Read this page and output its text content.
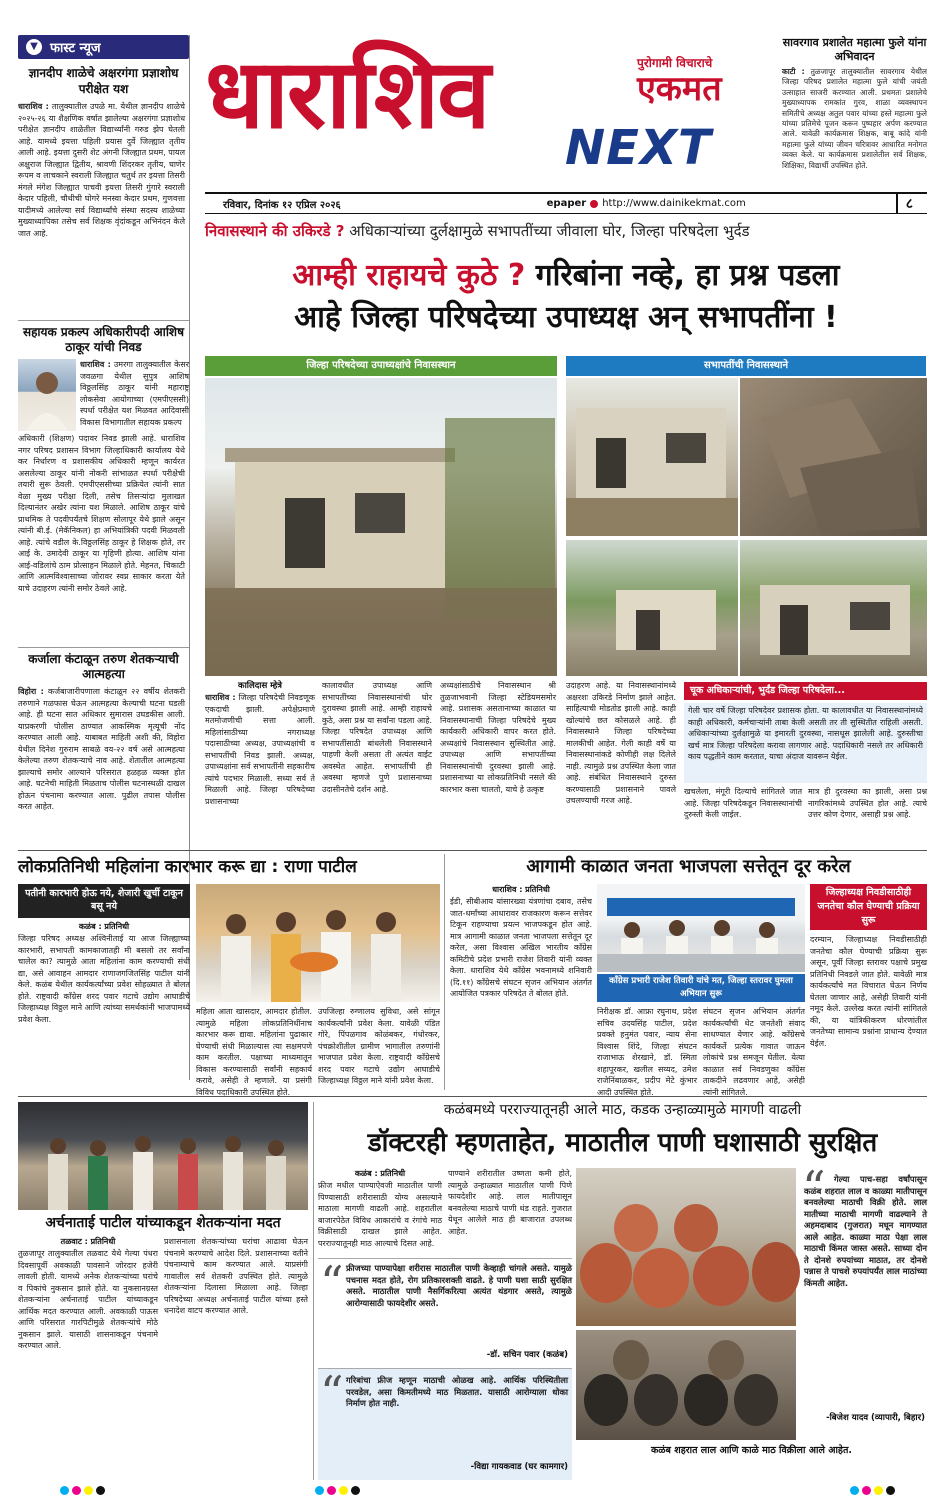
▼ फास्ट न्यूज
ज्ञानदीप शाळेचे अक्षरगंगा प्रज्ञाशोध परीक्षेत यश
धाराशिव : तालुक्यातील उपळे मा. येथील ज्ञानदीप शाळेचे २०२५-२६ या शैक्षणिक वर्षात झालेल्या अक्षरगंगा प्रज्ञाशोध परीक्षेत ज्ञानदीप शाळेतील विद्यार्थ्यांनी गरुड झेप घेतली आहे. यामध्ये इयत्ता पहिली प्रयास दुर्वे जिल्ह्यात तृतीय आली आहे. इयत्ता दुसरी शेट अंगनी जिल्ह्यात प्रथम, पायल अक्षुराज जिल्ह्यात द्वितीय, श्रावणी शिंदरकर तृतीय, घाणेर रूपम व लाचकाने स्वराली जिल्ह्यात चतुर्थ तर इयत्ता तिसरी मंगले मंगेश जिल्ह्यात पाचवी इयत्ता तिसरी गुंगारे स्वराली केदार पहिली, चौथीची घोगरे मनस्वा केदार प्रथम, गुणवत्ता यादीमध्ये आलेल्या सर्व विद्यार्थ्यांचे संस्था सदस्य शाळेच्या मुख्याध्यापिका तसेच सर्व शिक्षक वृंदांकडून अभिनंदन केले जात आहे.
सहायक प्रकल्प अधिकारीपदी आशिष ठाकूर यांची निवड
धाराशिव : उमरगा तालुक्यातील केसर जवळगा येथील सुपुत्र आशिष विठ्ठलसिंह ठाकूर यांनी महाराष्ट्र लोकसेवा आयोगाच्या (एमपीएससी) स्पर्धा परीक्षेत यश मिळवत आदिवासी विकास विभागातील सहायक प्रकल्प
अधिकारी (शिक्षण) पदावर निवड झाली आहे. धाराशिव नगर परिषद प्रशासन विभाग जिल्हाधिकारी कार्यालय येथे कर निर्धारण व प्रशासकीय अधिकारी म्हणून कार्यरत असलेल्या ठाकूर यांनी नोकरी सांभाळत स्पर्धा परीक्षेची तयारी सुरू ठेवली. एमपीएससीच्या प्रक्रियेत त्यांनी सात वेळा मुख्य परीक्षा दिली, तसेच तिसऱ्यांदा मुलाखत दिल्यानंतर अखेर त्यांना यश मिळाले. आशिष ठाकूर यांचे प्राथमिक ते पदवीपर्यंतचे शिक्षण सोलापूर येथे झाले असून त्यांनी बी.ई. (मेकॅनिकल) हा अभियांत्रिकी पदवी मिळवली आहे. त्यांचे वडील के.विठ्ठलसिंह ठाकूर हे शिक्षक होते, तर आई के. उमादेवी ठाकूर या गृहिणी होत्या. आशिष यांना आई-वडिलांचे ठाम प्रोत्साहन मिळाले होते. मेहनत, चिकाटी आणि आत्मविश्वासाच्या जोरावर स्वप्न साकार करता येते याचे उदाहरण त्यांनी समोर ठेवले आहे.
कर्जाला कंटाळून तरुण शेतकऱ्याची आत्महत्या
विहोरा : कर्जबाजारीपणाला कंटाळून २२ वर्षीय शेतकरी तरुणाने गळफास घेऊन आत्महत्या केल्याची घटना घडली आहे. ही घटना सात अधिकार सुमारास उघडकीस आली. याप्रकरणी पोलीस ठाण्यात आकस्मिक मृत्यूची नोंद करण्यात आली आहे. याबाबत माहिती अशी की, विहोरा येथील दिनेश गुरुराम साबळे वय-२२ वर्ष असे आत्महत्या केलेल्या तरुण शेतकऱ्याचे नाव आहे. शेतातील आत्महत्या झाल्याचे समोर आल्याने परिसरात हळहळ व्यक्त होत आहे. घटनेची माहिती मिळताच पोलीस घटनास्थळी दाखल होऊन पंचनामा करण्यात आला. पुढील तपास पोलीस करत आहेत.
धाराशिव	पुरोगामी विचाराचे
एकमत
NEXT
सावरगाव प्रशालेत महात्मा फुले यांना अभिवादन
काटी : तुळजापूर तालुक्यातील सावरगाव येथील जिल्हा परिषद प्रशालेत महात्मा फुले यांची जयंती उत्साहात साजरी करण्यात आली. प्रथमतः प्रशालेचे मुख्याध्यापक रामकांत गुरव, शाळा व्यवस्थापन समितीचे अध्यक्ष अतुल पवार यांच्या हस्ते महात्मा फुले यांच्या प्रतिमेचे पूजन करून पुष्पहार अर्पण करण्यात आले. यावेळी कार्यक्रमास शिक्षक, बाबू कांदे यांनी महात्मा फुले यांच्या जीवन चरित्रावर आधारित मनोगत व्यक्त केले. या कार्यक्रमास प्रशालेतील सर्व शिक्षक, शिक्षिका, विद्यार्थी उपस्थित होते.
रविवार, दिनांक १२ एप्रिल २०२६	epaper http://www.dainikekmat.com	८
निवासस्थाने की उकिरडे ? अधिकाऱ्यांच्या दुर्लक्षामुळे सभापतींच्या जीवाला घोर, जिल्हा परिषदेला भुर्दड
आम्ही राहायचे कुठे ? गरिबांना नव्हे, हा प्रश्न पडला
आहे जिल्हा परिषदेच्या उपाध्यक्ष अन् सभापतींना !
जिल्हा परिषदेच्या उपाध्यक्षांचे निवासस्थान	सभापतींची निवासस्थाने
कालिदास म्हेत्रे
धाराशिव : जिल्हा परिषदेची निवडणूक एकदाची झाली. अपेक्षेप्रमाणे मतमोजणीची सत्ता आली. महिलांसाठीच्या नगराध्यक्ष पदासाठीच्या अध्यक्ष, उपाध्यक्षांची व सभापतींची निवड झाली. अध्यक्ष, उपाध्यक्षांना सर्व सभापतींनी सहकारीच त्यांचे पदभार मिळाली. सध्या सर्व ते मिळाली आहे. जिल्हा परिषदेच्या प्रशासनाच्या
कालावधीत उपाध्यक्ष आणि सभापतींच्या निवासस्थानांची घोर दुरावस्था झाली आहे. आम्ही राहायचे कुठे, असा प्रश्न या सर्वांना पडला आहे. जिल्हा परिषदेत उपाध्यक्ष आणि सभापतींसाठी बांधलेली निवासस्थाने पाहणी केली असता ती अत्यंत वाईट अवस्थेत आहेत. सभापतींची ही अवस्था म्हणजे पुणे प्रशासनाच्या उदासीनतेचे दर्शन आहे.
अध्यक्षांसाठीचे निवासस्थान श्री तुळजाभवानी जिल्हा स्टेडियमसमोर आहे. प्रशासक असतानाच्या काळात या निवासस्थानाची जिल्हा परिषदेचे मुख्य कार्यकारी अधिकारी वापर करत होते. अध्यक्षांचे निवासस्थान सुस्थितीत आहे. उपाध्यक्ष आणि सभापतींच्या निवासस्थानांची दुरवस्था झाली आहे. प्रशासनाच्या या लोकप्रतिनिधी नसले की कारभार कसा चालतो, याचे हे उत्कृष्ट
उदाहरण आहे. या निवासस्थानांमध्ये अक्षरशः उकिरडे निर्माण झाले आहेत. साहित्याची मोडतोड झाली आहे. काही खोल्यांचे छत कोसळले आहे. ही निवासस्थाने जिल्हा परिषदेच्या मालकीची आहेत. गेली काही वर्षे या निवासस्थानांकडे कोणीही लक्ष दिलेले नाही. त्यामुळे प्रश्न उपस्थित केला जात आहे. संबंधित निवासस्थाने दुरुस्त करण्यासाठी प्रशासनाने पावले उचलण्याची गरज आहे.
चूक अधिकाऱ्यांची, भुर्दंड जिल्हा परिषदेला...
गेली चार वर्षे जिल्हा परिषदेवर प्रशासक होता. या कालावधीत या निवासस्थानांमध्ये काही अधिकारी, कर्मचाऱ्यांनी ताबा केली असती तर ती सुस्थितीत राहिली असती. अधिकाऱ्यांच्या दुर्लक्षामुळे या इमारती दुरवस्था, नासधूस झालेली आहे. दुरुस्तीचा खर्च मात्र जिल्हा परिषदेला करावा लागणार आहे. पदाधिकारी नसले तर अधिकारी काय पद्धतीने काम करतात, याचा अंदाज यावरून येईल.
खचलेला, मंगूरी दिल्याचे सांगितले जात आहे. जिल्हा परिषदेकडून निवासस्थानांची दुरुस्ती केली जाईल.
मात्र ही दुरवस्था का झाली, असा प्रश्न नागरिकांमध्ये उपस्थित होत आहे. त्याचे उत्तर कोण देणार, असाही प्रश्न आहे.
लोकप्रतिनिधी महिलांना कारभार करू द्या : राणा पाटील
पतीनी कारभारी होऊ नये, शेजारी खुर्ची टाकून बसू नये
कळंब : प्रतिनिधी
जिल्हा परिषद अध्यक्ष अश्विनीताई या आज जिल्ह्याच्या कारभारी, सभापती कामकाजातही मी बसलो तर सर्वांना चालेल का? त्यामुळे आता महिलांना काम करण्याची संधी द्या, असे आवाहन आमदार राणाजगजितसिंह पाटील यांनी केले. कळंब येथील कार्यकर्त्यांच्या प्रवेश सोहळ्यात ते बोलत होते. राष्ट्रवादी काँग्रेस शरद पवार गटाचे उद्योग आघाडीचे जिल्हाध्यक्ष विठ्ठल माने आणि त्यांच्या समर्थकांनी भाजपामध्ये प्रवेश केला.
महिला आता खासदार, आमदार होतील. त्यामुळे महिला लोकप्रतिनिधींनाच कारभार करू द्यावा. महिलांना पुढाकार घेण्याची संधी मिळाल्यास त्या सक्षमपणे काम करतील. पक्षाच्या माध्यमातून विकास करण्यासाठी सर्वांनी सहकार्य करावे, असेही ते म्हणाले. या प्रसंगी विविध पदाधिकारी उपस्थित होते.
उपजिल्हा रुग्णालय सुविधा, असे सांगून कार्यकर्त्यांनी प्रवेश केला. यावेळी पंडित गोरे, पिंपळगाव कोळंबकर, गंधोरकर, पंचक्रोशीतील ग्रामीण भागातील तरुणांनी भाजपात प्रवेश केला. राष्ट्रवादी काँग्रेसचे शरद पवार गटाचे उद्योग आघाडीचे जिल्हाध्यक्ष विठ्ठल माने यांनी प्रवेश केला.
आगामी काळात जनता भाजपला सत्तेतून दूर करेल
धाराशिव : प्रतिनिधी
ईडी, सीबीआय यांसारख्या यंत्रणांचा दबाव, तसेच जात-धर्मांच्या आधारावर राजकारण करून सत्तेवर टिकून राहण्याचा प्रयत्न भाजपकडून होत आहे. मात्र आगामी काळात जनता भाजपला सत्तेतून दूर करेल, असा विश्वास अखिल भारतीय काँग्रेस कमिटीचे प्रदेश प्रभारी राजेश तिवारी यांनी व्यक्त केला. धाराशिव येथे काँग्रेस भवनामध्ये शनिवारी (दि.११) काँग्रेसचे संघटन सृजन अभियान अंतर्गत आयोजित पत्रकार परिषदेत ते बोलत होते.
काँग्रेस प्रभारी राजेश तिवारी यांचे मत, जिल्हा स्तरावर घुमला अभियान सुरू
निरीक्षक डॉ. आफ्रा रघुनाथ, प्रदेश सचिव उदयसिंह पाटील, प्रदेश प्रवक्ते हनुमंत पवार, न्याय सेना विश्वास शिंदे, जिल्हा संघटन राजाभाऊ शेरखाने, डॉ. स्मिता शहापूरकर, खलील सय्यद, उमेश राजेनिंबाळकर, प्रदीप मेटे कुंभार आदी उपस्थित होते.
संघटन सृजन अभियान अंतर्गत कार्यकर्त्यांची थेट जनतेशी संवाद साधण्यात येणार आहे. काँग्रेसचे कार्यकर्ते प्रत्येक गावात जाऊन लोकांचे प्रश्न समजून घेतील. येत्या काळात सर्व निवडणुका काँग्रेस ताकदीने लढवणार आहे, असेही त्यांनी सांगितले.
जिल्हाध्यक्ष निवडीसाठीही जनतेचा कौल घेण्याची प्रक्रिया सुरू
दरम्यान, जिल्हाध्यक्ष निवडीसाठीही जनतेचा कौल घेण्याची प्रक्रिया सुरू असून, पूर्वी जिल्हा स्तरावर पक्षाचे प्रमुख प्रतिनिधी निवडले जात होते. यावेळी मात्र कार्यकर्त्यांचे मत विचारात घेऊन निर्णय घेतला जाणार आहे, असेही तिवारी यांनी नमूद केले. उल्लेख करत त्यांनी सांगितले की, या यांत्रिकीकरण धोरणांतील जनतेच्या सामान्य प्रश्नांना प्राधान्य देण्यात येईल.
अर्चनाताई पाटील यांच्याकडून शेतकऱ्यांना मदत
तळवाट : प्रतिनिधी
तुळजापूर तालुक्यातील तळवाट येथे गेल्या पंधरा दिवसापूर्वी अवकाळी पावसाने जोरदार हजेरी लावली होती. यामध्ये अनेक शेतकऱ्यांच्या घरांचे व पिकांचे नुकसान झाले होते. या नुकसानग्रस्त शेतकऱ्यांना अर्चनाताई पाटील यांच्याकडून आर्थिक मदत करण्यात आली. अवकाळी पाऊस आणि परिसरात गारपिटीमुळे शेतकऱ्यांचे मोठे नुकसान झाले. यासाठी शासनाकडून पंचनामे करण्यात आले.
प्रशासनाला शेतकऱ्यांच्या घरांचा आढावा घेऊन पंचनामे करण्याचे आदेश दिले. प्रशासनाच्या वतीने पंचनाम्याचे काम करण्यात आले. याप्रसंगी गावातील सर्व शेतकरी उपस्थित होते. त्यामुळे शेतकऱ्यांना दिलासा मिळाला आहे. जिल्हा परिषदेच्या अध्यक्ष अर्चनाताई पाटील यांच्या हस्ते धनादेश वाटप करण्यात आले.
कळंबमध्ये परराज्यातूनही आले माठ, कडक उन्हाळ्यामुळे मागणी वाढली
डॉक्टरही म्हणताहेत, माठातील पाणी घशासाठी सुरक्षित
कळंब : प्रतिनिधी
फ्रीज मधील पाण्याऐवजी माठातील पाणी पिण्यासाठी शरीरासाठी योग्य असल्याने माठाला मागणी वाढली आहे. शहरातील बाजारपेठेत विविध आकारांचे व रंगांचे माठ विक्रीसाठी दाखल झाले आहेत. परराज्यातूनही माठ आल्याचे दिसत आहे.
पाण्याने शरीरातील उष्णता कमी होते, त्यामुळे उन्हाळ्यात माठातील पाणी पिणे फायदेशीर आहे. लाल मातीपासून बनवलेल्या माठाचे पाणी थंड राहते. गुजरात येथून आलेले माठ ही बाजारात उपलब्ध आहेत.
“ फ्रीजच्या पाण्यापेक्षा शरीरास माठातील पाणी केव्हाही चांगले असते. यामुळे पचनास मदत होते, रोग प्रतिकारशक्ती वाढते. हे पाणी घशा साठी सुरक्षित असते. माठातील पाणी नैसर्गिकरित्या अत्यंत थंडगार असते, त्यामुळे आरोग्यासाठी फायदेशीर असते.
-डॉ. सचिन पवार (कळंब)
“ गरिबांचा फ्रीज म्हणून माठाची ओळख आहे. आर्थिक परिस्थितीला परवडेल, असा किमतीमध्ये माठ मिळतात. यासाठी आरोग्याला धोका निर्माण होत नाही.
-विद्या गायकवाड (घर कामगार)
कळंब शहरात लाल आणि काळे माठ विक्रीला आले आहेत.
“	गेल्या पाच-सहा वर्षांपासून कळंब शहरात लाल व काळ्या मातीपासून बनवलेल्या माठाची विक्री होते. लाल मातीच्या माठाची मागणी वाढल्याने ते अहमदाबाद (गुजरात) मधून मागण्यात आले आहेत. काळ्या माठा पेक्षा लाल माठाची किंमत जास्त असते. साध्या दोन ते दोनशे रुपयांच्या माठात, तर दोनशे पन्नास ते पाचशे रुपयांपर्यंत लाल माठांच्या किंमती आहेत.
-बिजेश यादव (व्यापारी, बिहार)
